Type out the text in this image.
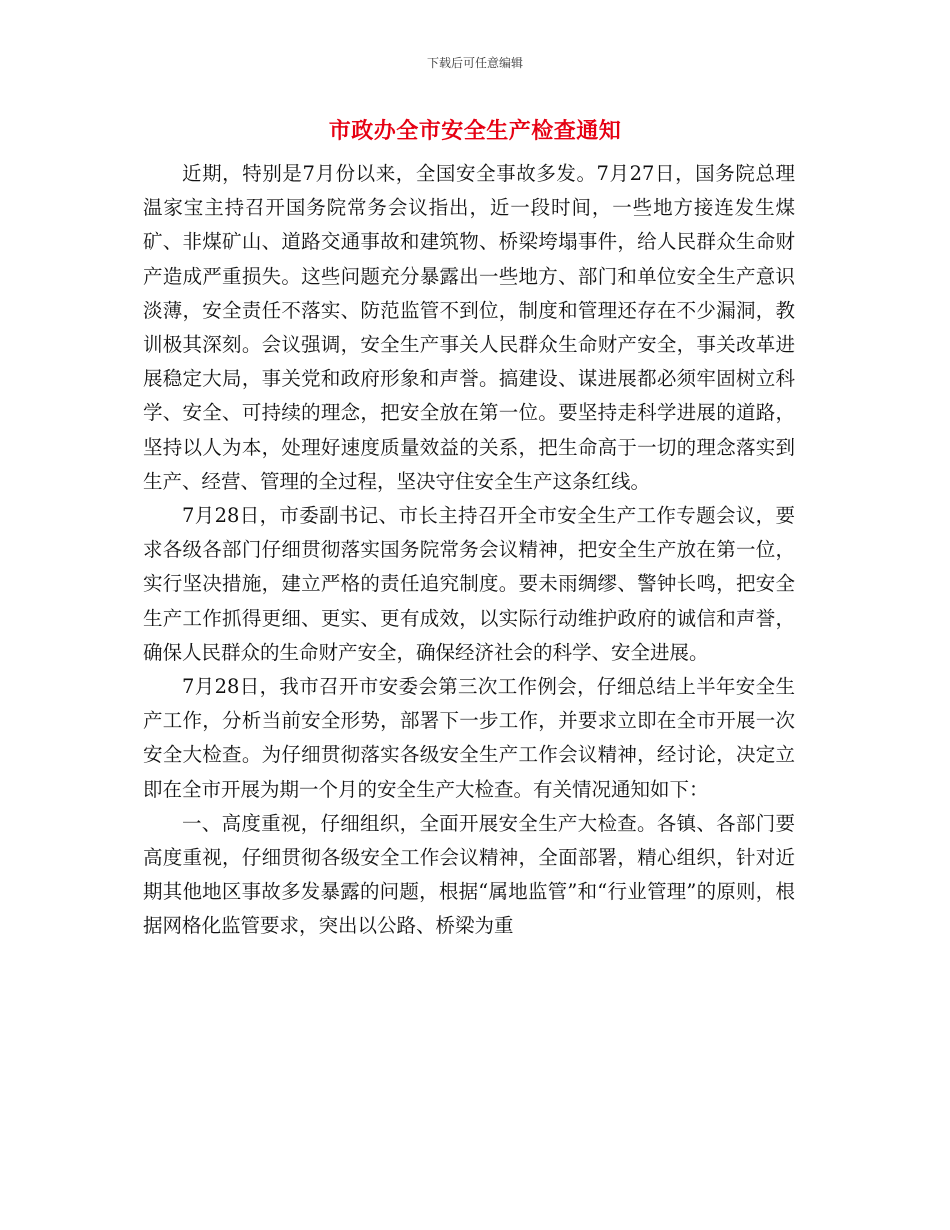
下载后可任意编辑
市政办全市安全生产检查通知

近期，特别是7月份以来，全国安全事故多发。7月27日，国务院总理温家宝主持召开国务院常务会议指出，近一段时间，一些地方接连发生煤矿、非煤矿山、道路交通事故和建筑物、桥梁垮塌事件，给人民群众生命财产造成严重损失。这些问题充分暴露出一些地方、部门和单位安全生产意识淡薄，安全责任不落实、防范监管不到位，制度和管理还存在不少漏洞，教训极其深刻。会议强调，安全生产事关人民群众生命财产安全，事关改革进展稳定大局，事关党和政府形象和声誉。搞建设、谋进展都必须牢固树立科学、安全、可持续的理念，把安全放在第一位。要坚持走科学进展的道路，坚持以人为本，处理好速度质量效益的关系，把生命高于一切的理念落实到生产、经营、管理的全过程，坚决守住安全生产这条红线。

7月28日，市委副书记、市长主持召开全市安全生产工作专题会议，要求各级各部门仔细贯彻落实国务院常务会议精神，把安全生产放在第一位，实行坚决措施，建立严格的责任追究制度。要未雨绸缪、警钟长鸣，把安全生产工作抓得更细、更实、更有成效，以实际行动维护政府的诚信和声誉，确保人民群众的生命财产安全，确保经济社会的科学、安全进展。

7月28日，我市召开市安委会第三次工作例会，仔细总结上半年安全生产工作，分析当前安全形势，部署下一步工作，并要求立即在全市开展一次安全大检查。为仔细贯彻落实各级安全生产工作会议精神，经讨论，决定立即在全市开展为期一个月的安全生产大检查。有关情况通知如下：

一、高度重视，仔细组织，全面开展安全生产大检查。各镇、各部门要高度重视，仔细贯彻各级安全工作会议精神，全面部署，精心组织，针对近期其他地区事故多发暴露的问题，根据“属地监管”和“行业管理”的原则，根据网格化监管要求，突出以公路、桥梁为重
